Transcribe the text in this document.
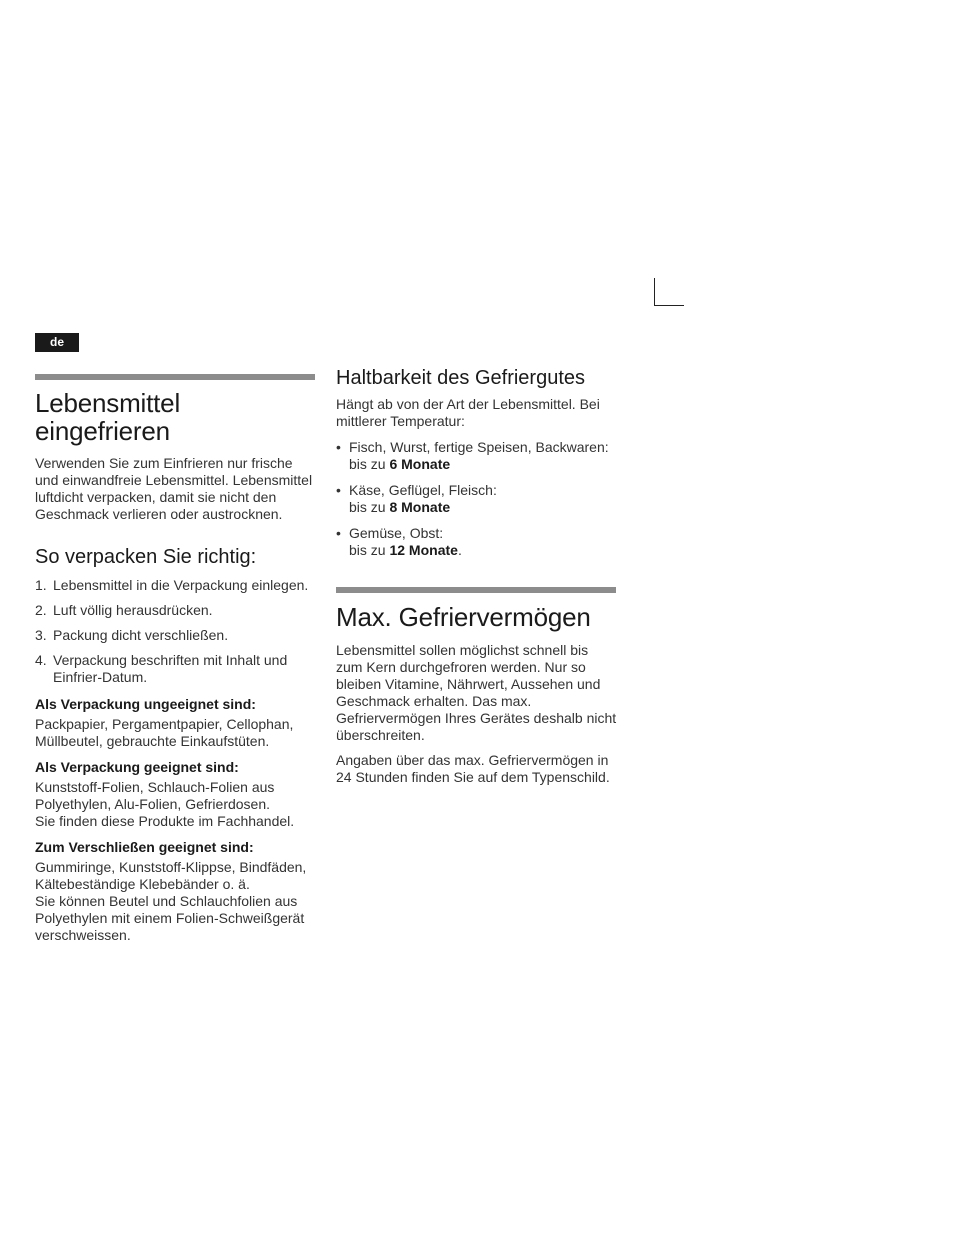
de
Lebensmittel eingefrieren

Verwenden Sie zum Einfrieren nur frische und einwandfreie Lebensmittel. Lebensmittel luftdicht verpacken, damit sie nicht den Geschmack verlieren oder austrocknen.

So verpacken Sie richtig:
1. Lebensmittel in die Verpackung einlegen.
2. Luft völlig herausdrücken.
3. Packung dicht verschließen.
4. Verpackung beschriften mit Inhalt und Einfrier-Datum.
Als Verpackung ungeeignet sind:

Packpapier, Pergamentpapier, Cellophan, Müllbeutel, gebrauchte Einkaufstüten.

Als Verpackung geeignet sind:

Kunststoff-Folien, Schlauch-Folien aus Polyethylen, Alu-Folien, Gefrierdosen.

Sie finden diese Produkte im Fachhandel.

Zum Verschließen geeignet sind:

Gummiringe, Kunststoff-Klippse, Bindfäden, Kältebeständige Klebebänder o. ä.

Sie können Beutel und Schlauchfolien aus Polyethylen mit einem Folien-Schweißgerät verschweissen.

Haltbarkeit des Gefriergutes

Hängt ab von der Art der Lebensmittel. Bei mittlerer Temperatur:

• Fisch, Wurst, fertige Speisen, Backwaren:
bis zu 6 Monate
• Käse, Geflügel, Fleisch:
bis zu 8 Monate
• Gemüse, Obst:
bis zu 12 Monate.
Max. Gefriervermögen

Lebensmittel sollen möglichst schnell bis zum Kern durchgefroren werden. Nur so bleiben Vitamine, Nährwert, Aussehen und Geschmack erhalten. Das max. Gefriervermögen Ihres Gerätes deshalb nicht überschreiten.

Angaben über das max. Gefriervermögen in 24 Stunden finden Sie auf dem Typenschild.
